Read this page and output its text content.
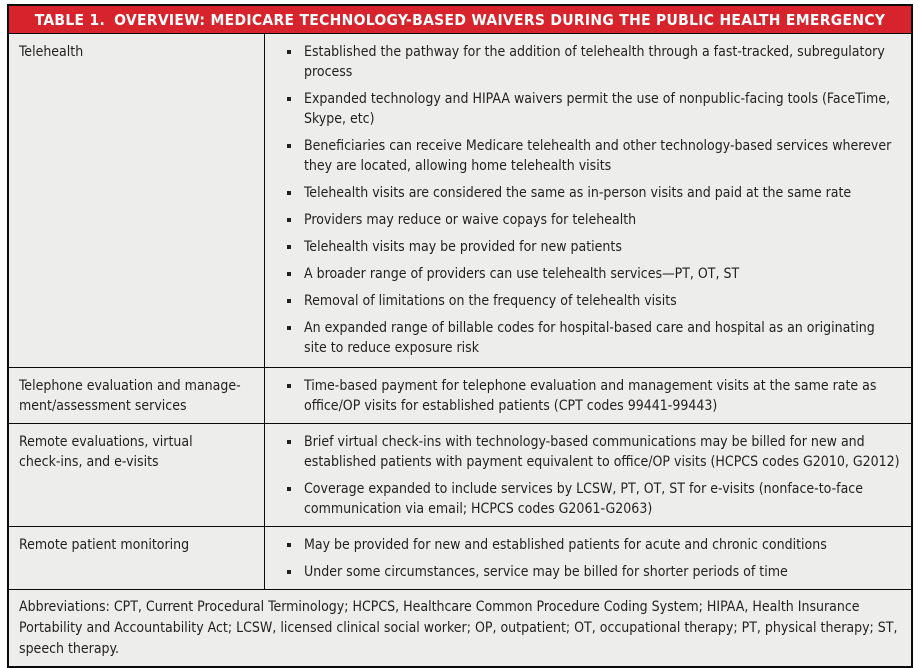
TABLE 1. OVERVIEW: MEDICARE TECHNOLOGY-BASED WAIVERS DURING THE PUBLIC HEALTH EMERGENCY
Telehealth	Established the pathway for the addition of telehealth through a fast-tracked, subregulatory process
Expanded technology and HIPAA waivers permit the use of nonpublic-facing tools (FaceTime, Skype, etc)
Beneficiaries can receive Medicare telehealth and other technology-based services wherever they are located, allowing home telehealth visits
Telehealth visits are considered the same as in-person visits and paid at the same rate
Providers may reduce or waive copays for telehealth
Telehealth visits may be provided for new patients
A broader range of providers can use telehealth services—PT, OT, ST
Removal of limitations on the frequency of telehealth visits
An expanded range of billable codes for hospital-based care and hospital as an originating site to reduce exposure risk
Telephone evaluation and manage-
ment/assessment services
Time-based payment for telephone evaluation and management visits at the same rate as office/OP visits for established patients (CPT codes 99441-99443)
Remote evaluations, virtual
check-ins, and e-visits
Brief virtual check-ins with technology-based communications may be billed for new and established patients with payment equivalent to office/OP visits (HCPCS codes G2010, G2012)
Coverage expanded to include services by LCSW, PT, OT, ST for e-visits (nonface-to-face communication via email; HCPCS codes G2061-G2063)
Remote patient monitoring	May be provided for new and established patients for acute and chronic conditions
Under some circumstances, service may be billed for shorter periods of time
Abbreviations: CPT, Current Procedural Terminology; HCPCS, Healthcare Common Procedure Coding System; HIPAA, Health Insurance Portability and Accountability Act; LCSW, licensed clinical social worker; OP, outpatient; OT, occupational therapy; PT, physical therapy; ST, speech therapy.
